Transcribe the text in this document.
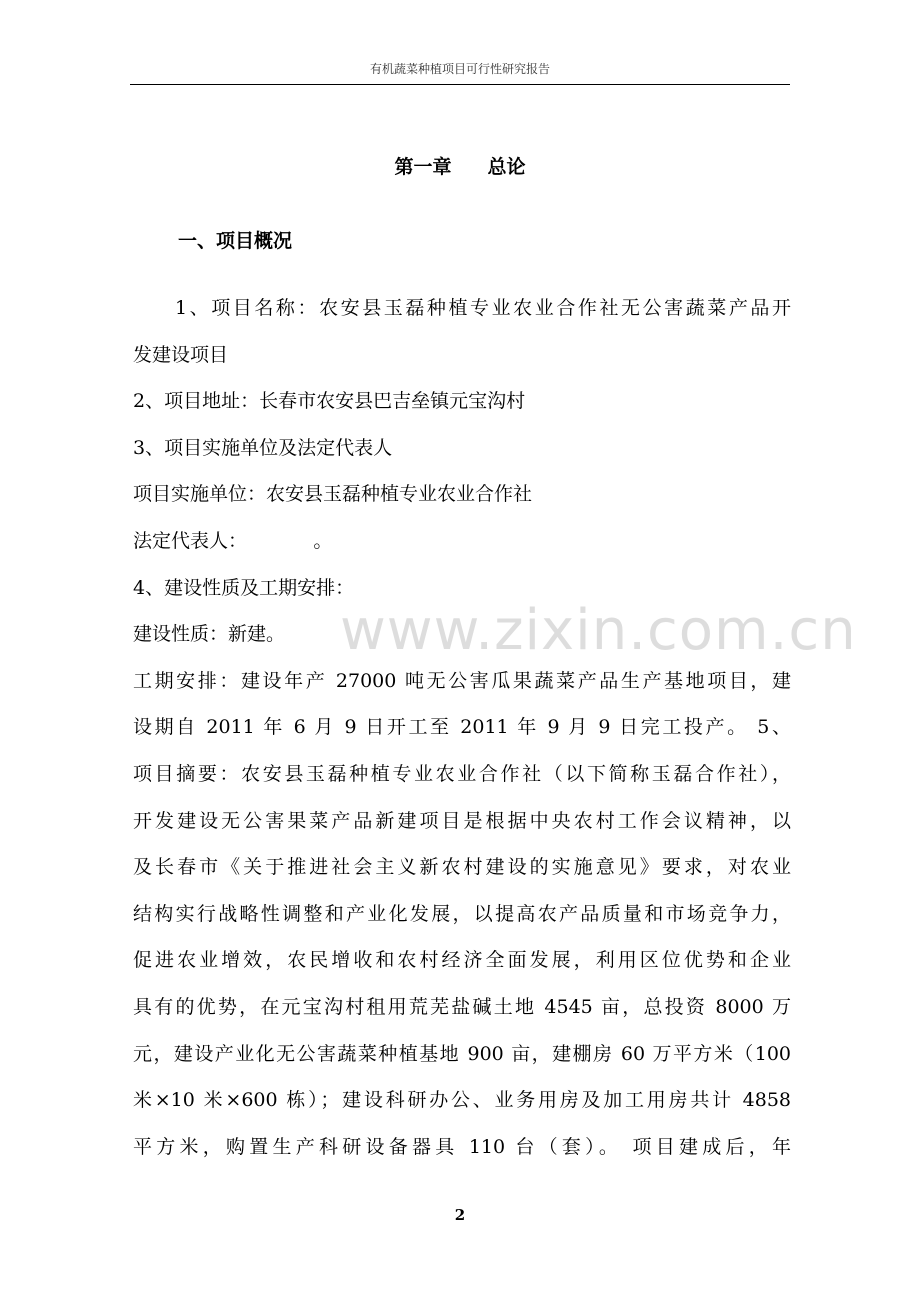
有机蔬菜种植项目可行性研究报告
第一章 总论
一、项目概况
www.zixin.com.cn
1、项目名称：农安县玉磊种植专业农业合作社无公害蔬菜产品开
发建设项目
2、项目地址：长春市农安县巴吉垒镇元宝沟村
3、项目实施单位及法定代表人
项目实施单位：农安县玉磊种植专业农业合作社
法定代表人：           。
4、建设性质及工期安排：
建设性质：新建。
工期安排：建设年产 27000 吨无公害瓜果蔬菜产品生产基地项目，建
设期自 2011 年 6 月 9 日开工至 2011 年 9 月 9 日完工投产。 5、
项目摘要：农安县玉磊种植专业农业合作社（以下简称玉磊合作社），
开发建设无公害果菜产品新建项目是根据中央农村工作会议精神，以
及长春市《关于推进社会主义新农村建设的实施意见》要求，对农业
结构实行战略性调整和产业化发展，以提高农产品质量和市场竞争力，
促进农业增效，农民增收和农村经济全面发展，利用区位优势和企业
具有的优势，在元宝沟村租用荒芜盐碱土地 4545 亩，总投资 8000 万
元，建设产业化无公害蔬菜种植基地 900 亩，建棚房 60 万平方米（100
米×10 米×600 栋）；建设科研办公、业务用房及加工用房共计 4858
平方米，购置生产科研设备器具 110 台（套）。 项目建成后，年
2
